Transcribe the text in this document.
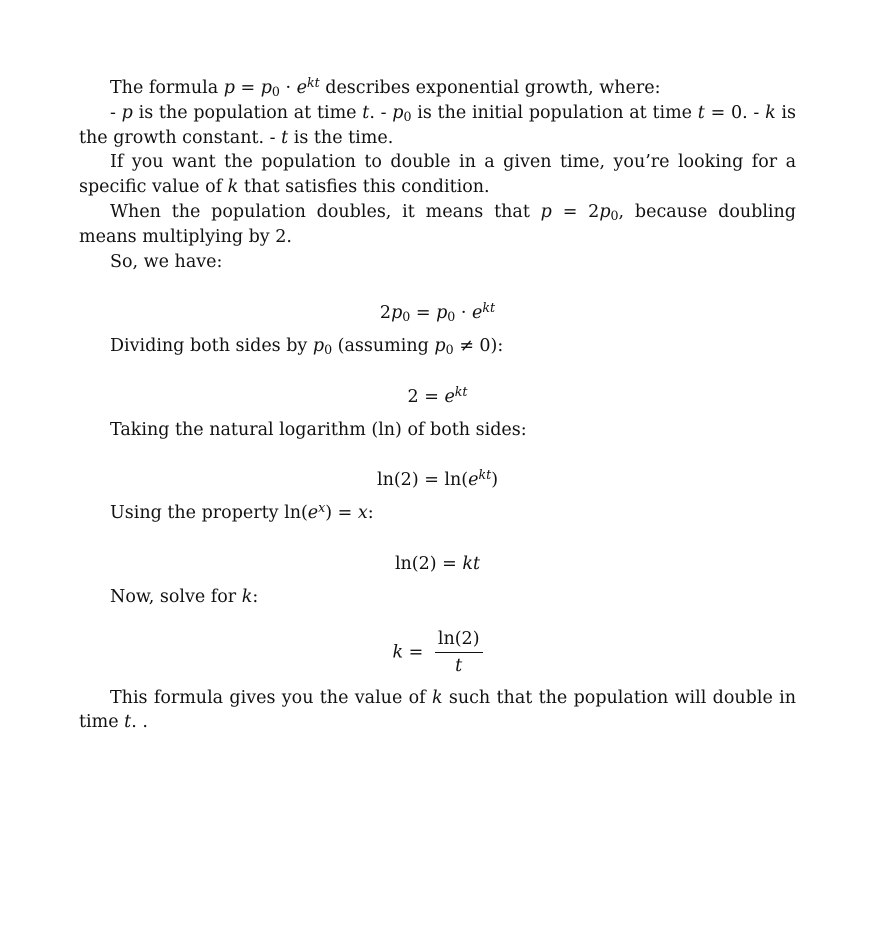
The formula $p = p_0 \cdot e^{kt}$ describes exponential growth, where:

- p is the population at time t. - $p_0$ is the initial population at time t = 0. - k is the growth constant. - t is the time.

If you want the population to double in a given time, you’re looking for a specific value of k that satisfies this condition.

When the population doubles, it means that $p = 2p_0$, because doubling means multiplying by 2.

So, we have:

$2p_0 = p_0 \cdot e^{kt}$

Dividing both sides by $p_0$ (assuming $p_0 \ne 0$):

$2 = e^{kt}$

Taking the natural logarithm (ln) of both sides:

$\ln(2) = \ln(e^{kt})$

Using the property $\ln(e^x) = x$:

ln(2) = kt

Now, solve for k:

$k = \frac{\ln(2)}{t}$

This formula gives you the value of k such that the population will double in time t. .
